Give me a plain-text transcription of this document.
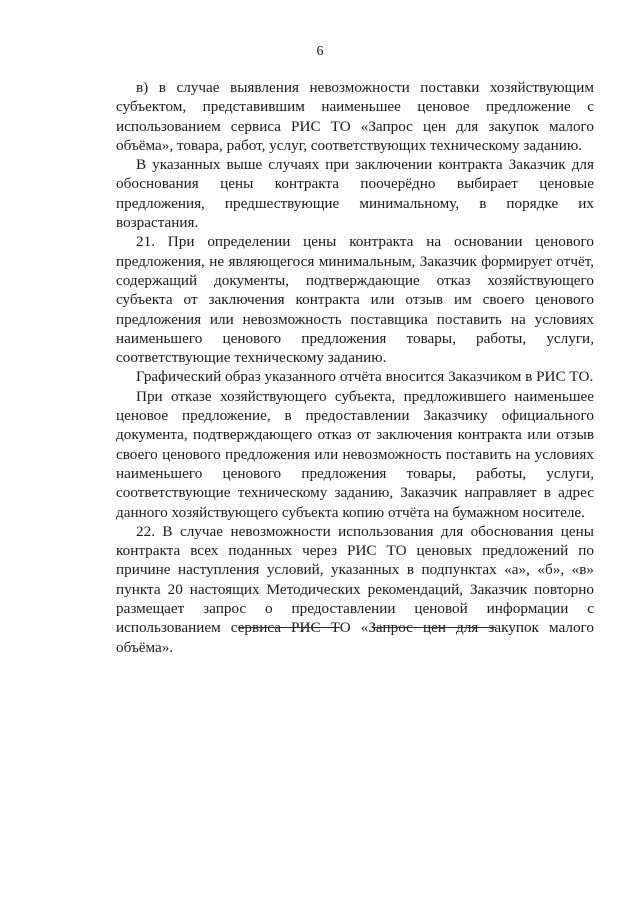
6

в) в случае выявления невозможности поставки хозяйствующим субъектом, представившим наименьшее ценовое предложение с использованием сервиса РИС ТО «Запрос цен для закупок малого объёма», товара, работ, услуг, соответствующих техническому заданию.

В указанных выше случаях при заключении контракта Заказчик для обоснования цены контракта поочерёдно выбирает ценовые предложения, предшествующие минимальному, в порядке их возрастания.

21. При определении цены контракта на основании ценового предложения, не являющегося минимальным, Заказчик формирует отчёт, содержащий документы, подтверждающие отказ хозяйствующего субъекта от заключения контракта или отзыв им своего ценового предложения или невозможность поставщика поставить на условиях наименьшего ценового предложения товары, работы, услуги, соответствующие техническому заданию.

Графический образ указанного отчёта вносится Заказчиком в РИС ТО.

При отказе хозяйствующего субъекта, предложившего наименьшее ценовое предложение, в предоставлении Заказчику официального документа, подтверждающего отказ от заключения контракта или отзыв своего ценового предложения или невозможность поставить на условиях наименьшего ценового предложения товары, работы, услуги, соответствующие техническому заданию, Заказчик направляет в адрес данного хозяйствующего субъекта копию отчёта на бумажном носителе.

22. В случае невозможности использования для обоснования цены контракта всех поданных через РИС ТО ценовых предложений по причине наступления условий, указанных в подпунктах «а», «б», «в» пункта 20 настоящих Методических рекомендаций, Заказчик повторно размещает запрос о предоставлении ценовой информации с использованием сервиса РИС ТО «Запрос цен для закупок малого объёма».
